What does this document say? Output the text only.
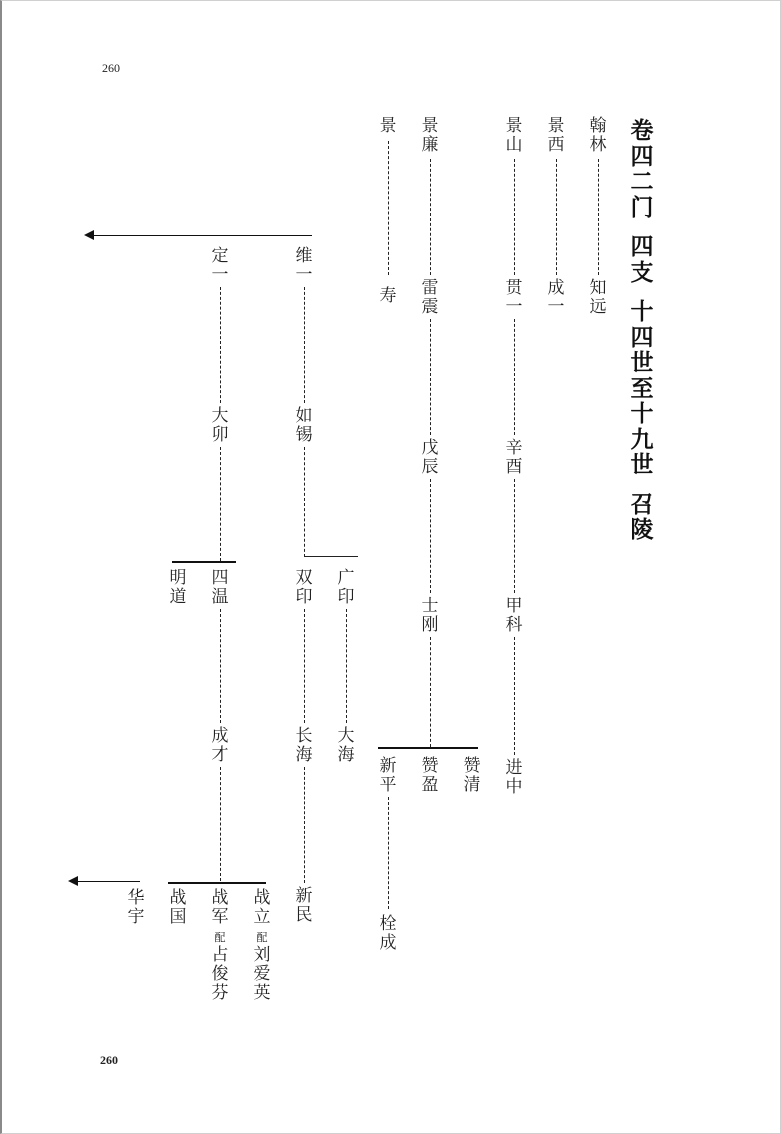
260
260
卷四二门
四支
十四世至十九世
召陵
翰林
知远
景西
成一
景山
贯一
辛酉
甲科
进中
景廉
雷震
戊辰
士刚
赞清
赞盈
新平
栓成
景
寿
维一
如锡
广印
大海
双印
长海
新民
定一
大卯
四温
明道
成才
战立配刘爱英
战军配占俊芬
战国
华宇
